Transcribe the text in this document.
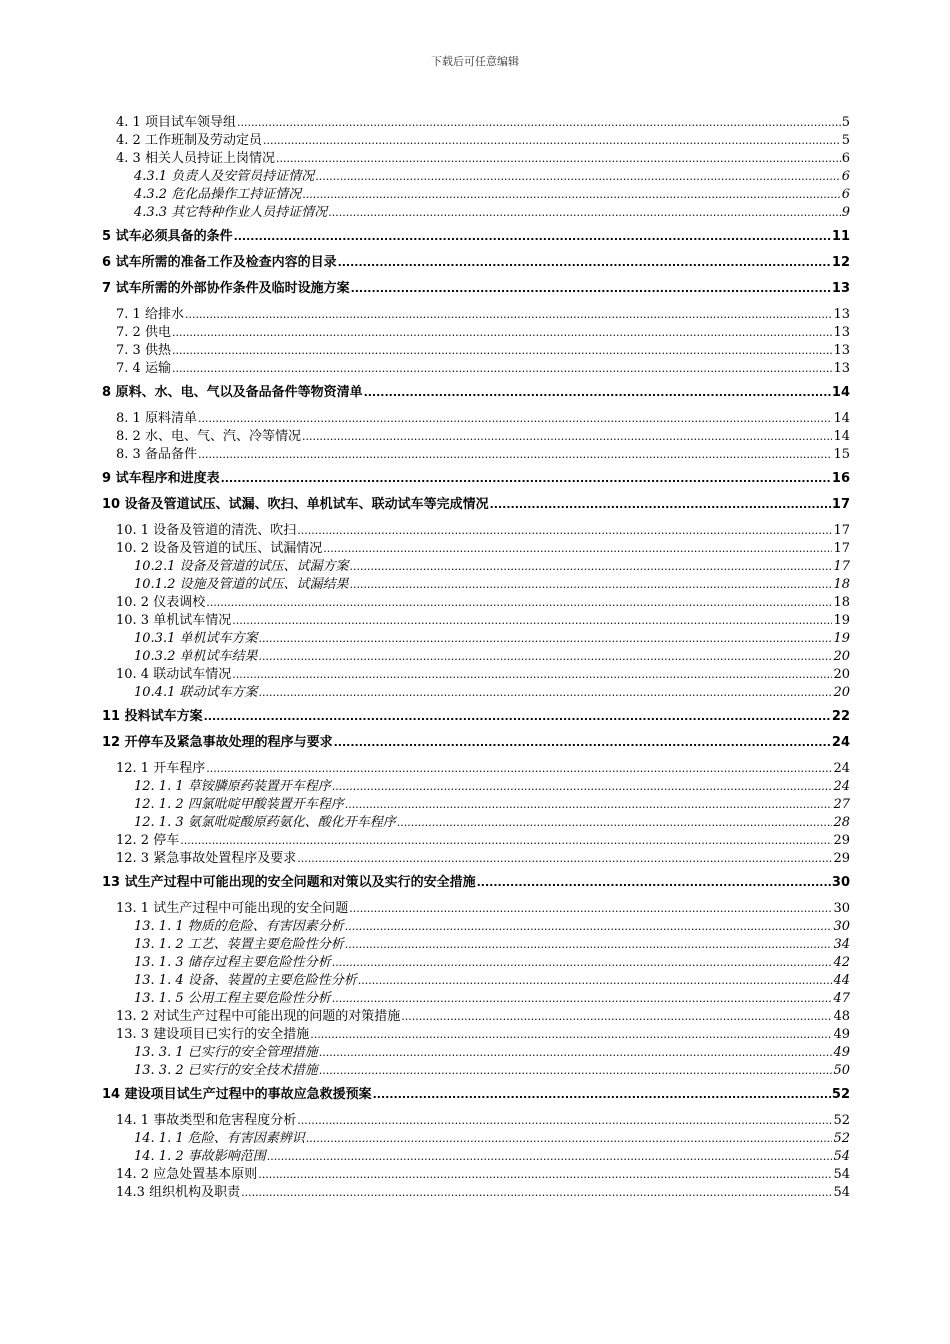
下载后可任意编辑
4. 1 项目试车领导组 .....	5
4. 2 工作班制及劳动定员 .....	5
4. 3 相关人员持证上岗情况 .....	6
4.3.1 负责人及安管员持证情况 .....	6
4.3.2 危化品操作工持证情况 .....	6
4.3.3 其它特种作业人员持证情况 .....	9
5 试车必须具备的条件 .....	11
6 试车所需的准备工作及检查内容的目录 .....	12
7 试车所需的外部协作条件及临时设施方案 .....	13
7. 1 给排水 .....	13
7. 2 供电 .....	13
7. 3 供热 .....	13
7. 4 运输 .....	13
8 原料、水、电、气以及备品备件等物资清单 .....	14
8. 1 原料清单 .....	14
8. 2 水、电、气、汽、冷等情况 .....	14
8. 3 备品备件 .....	15
9 试车程序和进度表 .....	16
10 设备及管道试压、试漏、吹扫、单机试车、联动试车等完成情况 .....	17
10. 1 设备及管道的清洗、吹扫 .....	17
10. 2 设备及管道的试压、试漏情况 .....	17
10.2.1 设备及管道的试压、试漏方案 .....	17
10.1.2 设施及管道的试压、试漏结果 .....	18
10. 2 仪表调校 .....	18
10. 3 单机试车情况 .....	19
10.3.1 单机试车方案 .....	19
10.3.2 单机试车结果 .....	20
10. 4 联动试车情况 .....	20
10.4.1 联动试车方案 .....	20
11 投料试车方案 .....	22
12 开停车及紧急事故处理的程序与要求 .....	24
12. 1 开车程序 .....	24
12. 1. 1 草铵膦原药装置开车程序 .....	24
12. 1. 2 四氯吡啶甲酸装置开车程序 .....	27
12. 1. 3 氨氯吡啶酸原药氨化、酸化开车程序 .....	28
12. 2 停车 .....	29
12. 3 紧急事故处置程序及要求 .....	29
13 试生产过程中可能出现的安全问题和对策以及实行的安全措施 .....	30
13. 1 试生产过程中可能出现的安全问题 .....	30
13. 1. 1 物质的危险、有害因素分析 .....	30
13. 1. 2 工艺、装置主要危险性分析 .....	34
13. 1. 3 储存过程主要危险性分析 .....	42
13. 1. 4 设备、装置的主要危险性分析 .....	44
13. 1. 5 公用工程主要危险性分析 .....	47
13. 2 对试生产过程中可能出现的问题的对策措施 .....	48
13. 3 建设项目已实行的安全措施 .....	49
13. 3. 1 已实行的安全管理措施 .....	49
13. 3. 2 已实行的安全技术措施 .....	50
14 建设项目试生产过程中的事故应急救援预案 .....	52
14. 1 事故类型和危害程度分析 .....	52
14. 1. 1 危险、有害因素辨识 .....	52
14. 1. 2 事故影响范围 .....	54
14. 2 应急处置基本原则 .....	54
14.3 组织机构及职责 .....	54
